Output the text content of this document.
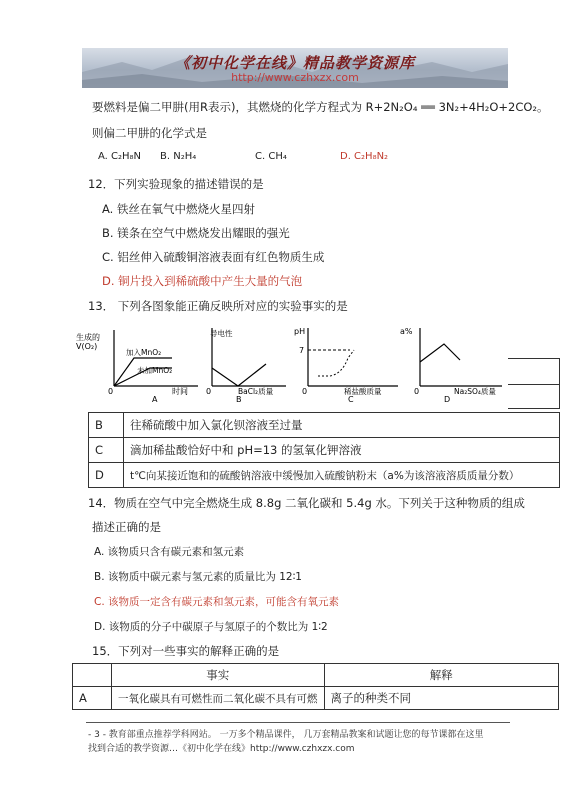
《初中化学在线》精品教学资源库
http://www.czhxzx.com
要燃料是偏二甲肼(用R表示)，其燃烧的化学方程式为 R+2N₂O₄ ══ 3N₂+4H₂O+2CO₂。
则偏二甲肼的化学式是
A. C₂H₈N B. N₂H₄	C. CH₄	D. C₂H₈N₂
12．下列实验现象的描述错误的是
A. 铁丝在氧气中燃烧火星四射
B. 镁条在空气中燃烧发出耀眼的强光
C. 铝丝伸入硫酸铜溶液表面有红色物质生成
D. 铜片投入到稀硫酸中产生大量的气泡
13． 下列各图象能正确反映所对应的实验事实的是
生成的
V(O₂)
加入MnO₂
未加MnO₂
0	时间
A
导电性
0	BaCl₂质量
B
pH
7
0	稀盐酸质量
C
a%
0	Na₂SO₄质量
D
B	往稀硫酸中加入氯化钡溶液至过量
C	滴加稀盐酸恰好中和 pH=13 的氢氧化钾溶液
D	t℃向某接近饱和的硫酸钠溶液中缓慢加入硫酸钠粉末（a%为该溶液溶质质量分数）
14．物质在空气中完全燃烧生成 8.8g 二氧化碳和 5.4g 水。下列关于这种物质的组成
描述正确的是
A. 该物质只含有碳元素和氢元素
B. 该物质中碳元素与氢元素的质量比为 12∶1
C. 该物质一定含有碳元素和氢元素，可能含有氧元素
D. 该物质的分子中碳原子与氢原子的个数比为 1∶2
15．下列对一些事实的解释正确的是
	事实	解释
A	一氧化碳具有可燃性而二氧化碳不具有可燃	离子的种类不同
- 3 - 教育部重点推荐学科网站。 一万多个精品课件， 几万套精品教案和试题让您的每节课都在这里
找到合适的教学资源…《初中化学在线》http://www.czhxzx.com
